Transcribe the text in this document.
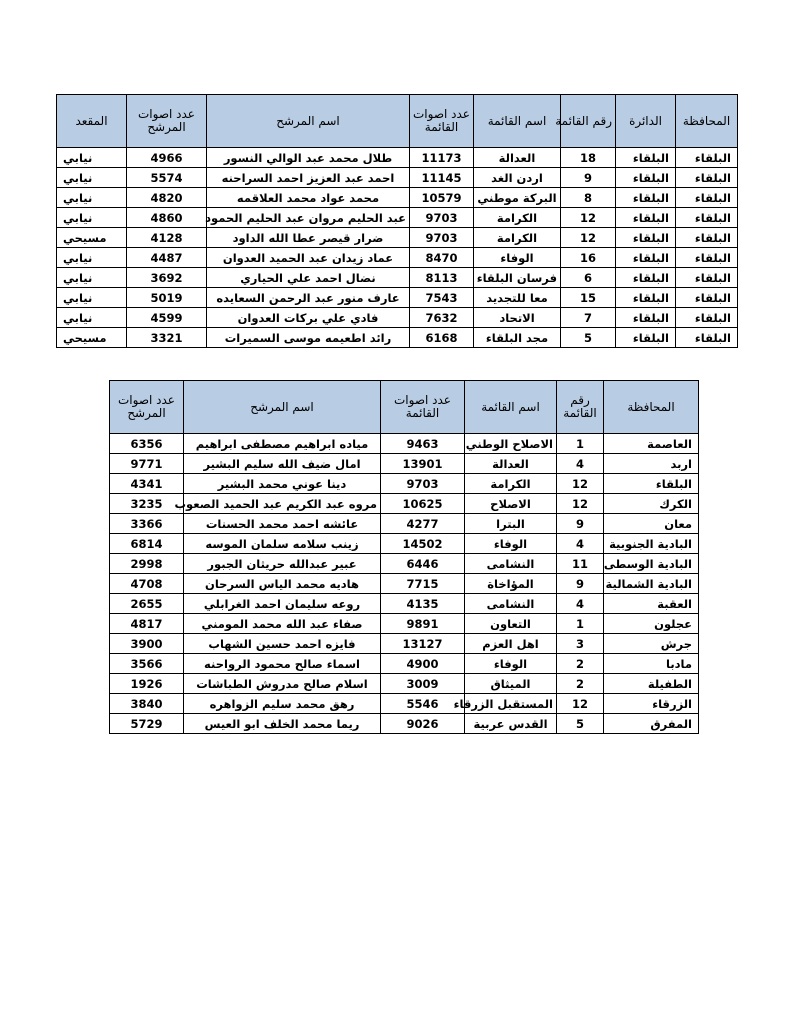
المحافظة	الدائرة	رقم القائمة	اسم القائمة	عدد اصوات القائمة	اسم المرشح	عدد اصوات المرشح	المقعد
البلقاء	البلقاء	18	العدالة	11173	طلال محمد عبد الوالي النسور	4966	نيابي
البلقاء	البلقاء	9	اردن الغد	11145	احمد عبد العزيز احمد السراحنه	5574	نيابي
البلقاء	البلقاء	8	البركة موطني	10579	محمد عواد محمد العلاقمه	4820	نيابي
البلقاء	البلقاء	12	الكرامة	9703	عبد الحليم مروان عبد الحليم الحمود	4860	نيابي
البلقاء	البلقاء	12	الكرامة	9703	ضرار قيصر عطا الله الداود	4128	مسيحي
البلقاء	البلقاء	16	الوفاء	8470	عماد زيدان عبد الحميد العدوان	4487	نيابي
البلقاء	البلقاء	6	فرسان البلقاء	8113	نضال احمد علي الحياري	3692	نيابي
البلقاء	البلقاء	15	معا للتجديد	7543	عارف منور عبد الرحمن السعايده	5019	نيابي
البلقاء	البلقاء	7	الاتحاد	7632	فادي علي بركات العدوان	4599	نيابي
البلقاء	البلقاء	5	مجد البلقاء	6168	رائد اطعيمه موسى السميرات	3321	مسيحي
المحافظة	رقم القائمة	اسم القائمة	عدد اصوات القائمة	اسم المرشح	عدد اصوات المرشح
العاصمة	1	الاصلاح الوطني	9463	مياده ابراهيم مصطفى ابراهيم	6356
اربد	4	العدالة	13901	امال ضيف الله سليم البشير	9771
البلقاء	12	الكرامة	9703	دينا عوني محمد البشير	4341
الكرك	12	الاصلاح	10625	مروه عبد الكريم عبد الحميد الصعوب	3235
معان	9	البترا	4277	عائشه احمد محمد الحسنات	3366
البادية الجنوبية	4	الوفاء	14502	زينب سلامه سلمان الموسه	6814
البادية الوسطى	11	النشامى	6446	عبير عبدالله حريثان الجبور	2998
البادية الشمالية	9	المؤاخاة	7715	هاديه محمد الياس السرحان	4708
العقبة	4	النشامى	4135	روعه سليمان احمد الغرابلي	2655
عجلون	1	التعاون	9891	صفاء عبد الله محمد المومني	4817
جرش	3	اهل العزم	13127	فايزه احمد حسين الشهاب	3900
مادبا	2	الوفاء	4900	اسماء صالح محمود الرواحنه	3566
الطفيلة	2	الميثاق	3009	اسلام صالح مدروش الطباشات	1926
الزرقاء	12	المستقبل الزرقاء	5546	رهق محمد سليم الزواهره	3840
المفرق	5	القدس عربية	9026	ريما محمد الخلف ابو العيس	5729
